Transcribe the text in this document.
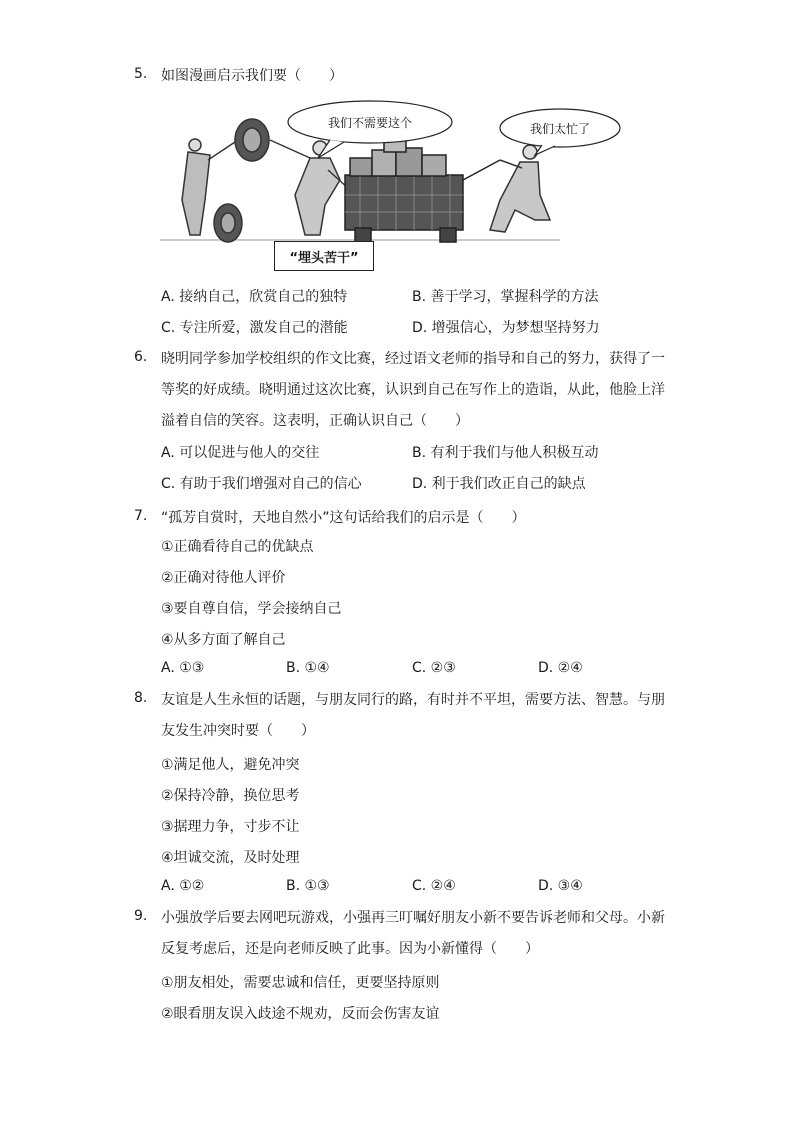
5. 如图漫画启示我们要（　　）
我们不需要这个	我们太忙了
“埋头苦干”
A. 接纳自己，欣赏自己的独特	B. 善于学习，掌握科学的方法
C. 专注所爱，激发自己的潜能	D. 增强信心，为梦想坚持努力
6. 晓明同学参加学校组织的作文比赛，经过语文老师的指导和自己的努力，获得了一等奖的好成绩。晓明通过这次比赛，认识到自己在写作上的造诣，从此，他脸上洋溢着自信的笑容。这表明，正确认识自己（　　）
A. 可以促进与他人的交往	B. 有利于我们与他人积极互动
C. 有助于我们增强对自己的信心	D. 利于我们改正自己的缺点
7. “孤芳自赏时，天地自然小”这句话给我们的启示是（　　）
①正确看待自己的优缺点
②正确对待他人评价
③要自尊自信，学会接纳自己
④从多方面了解自己
A. ①③	B. ①④	C. ②③	D. ②④
8. 友谊是人生永恒的话题，与朋友同行的路，有时并不平坦，需要方法、智慧。与朋友发生冲突时要（　　）
①满足他人，避免冲突
②保持冷静，换位思考
③据理力争，寸步不让
④坦诚交流，及时处理
A. ①②	B. ①③	C. ②④	D. ③④
9. 小强放学后要去网吧玩游戏，小强再三叮嘱好朋友小新不要告诉老师和父母。小新反复考虑后，还是向老师反映了此事。因为小新懂得（　　）
①朋友相处，需要忠诚和信任，更要坚持原则
②眼看朋友误入歧途不规劝，反而会伤害友谊
